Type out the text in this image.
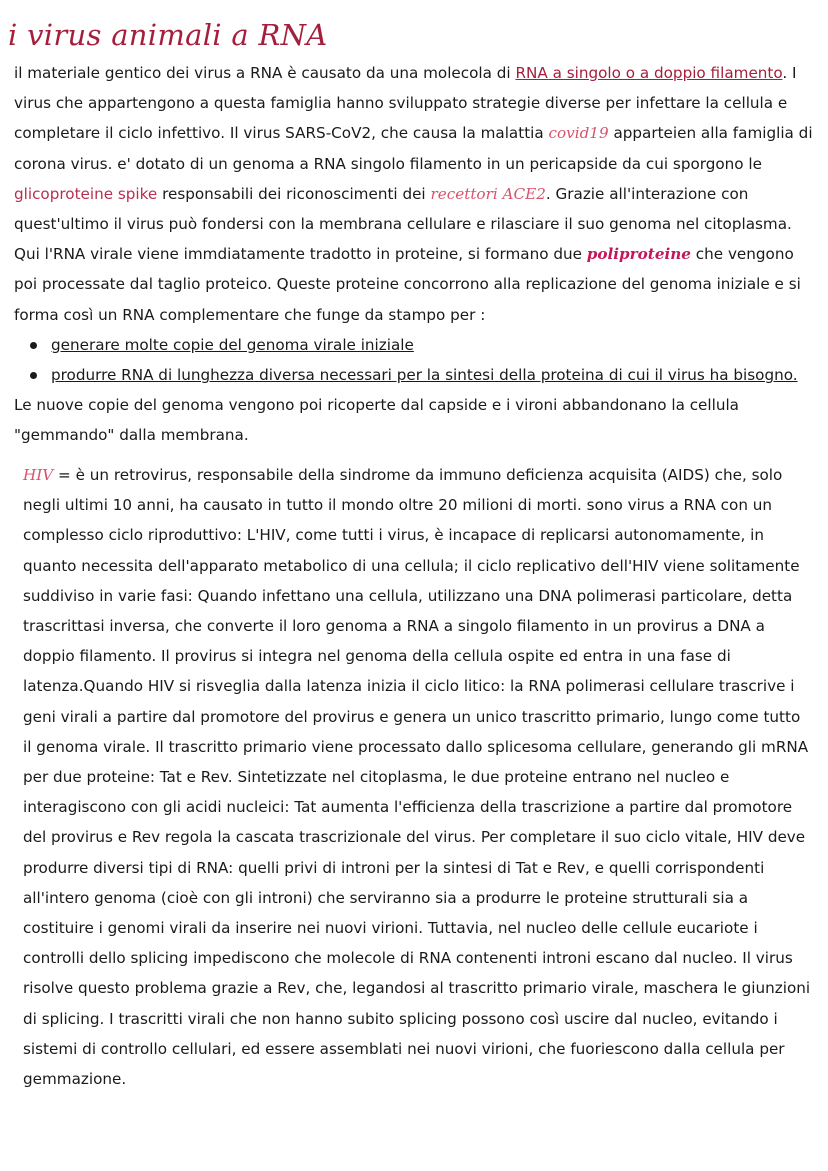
i virus animali a RNA
il materiale gentico dei virus a RNA è causato da una molecola di RNA a singolo o a doppio filamento. I virus che appartengono a questa famiglia hanno sviluppato strategie diverse per infettare la cellula e completare il ciclo infettivo. Il virus SARS-CoV2, che causa la malattia covid19 apparteien alla famiglia di corona virus. e' dotato di un genoma a RNA singolo filamento in un pericapside da cui sporgono le glicoproteine spike responsabili dei riconoscimenti dei recettori ACE2. Grazie all'interazione con quest'ultimo il virus può fondersi con la membrana cellulare e rilasciare il suo genoma nel citoplasma. Qui l'RNA virale viene immdiatamente tradotto in proteine, si formano due poliproteine che vengono poi processate dal taglio proteico. Queste proteine concorrono alla replicazione del genoma iniziale e si forma così un RNA complementare che funge da stampo per :
generare molte copie del genoma virale iniziale
produrre RNA di lunghezza diversa necessari per la sintesi della proteina di cui il virus ha bisogno.
Le nuove copie del genoma vengono poi ricoperte dal capside e i vironi abbandonano la cellula "gemmando" dalla membrana.
HIV = è un retrovirus, responsabile della sindrome da immuno deficienza acquisita (AIDS) che, solo negli ultimi 10 anni, ha causato in tutto il mondo oltre 20 milioni di morti. sono virus a RNA con un complesso ciclo riproduttivo: L'HIV, come tutti i virus, è incapace di replicarsi autonomamente, in quanto necessita dell'apparato metabolico di una cellula; il ciclo replicativo dell'HIV viene solitamente suddiviso in varie fasi: Quando infettano una cellula, utilizzano una DNA polimerasi particolare, detta trascrittasi inversa, che converte il loro genoma a RNA a singolo filamento in un provirus a DNA a doppio filamento. Il provirus si integra nel genoma della cellula ospite ed entra in una fase di latenza.Quando HIV si risveglia dalla latenza inizia il ciclo litico: la RNA polimerasi cellulare trascrive i geni virali a partire dal promotore del provirus e genera un unico trascritto primario, lungo come tutto il genoma virale. Il trascritto primario viene processato dallo splicesoma cellulare, generando gli mRNA per due proteine: Tat e Rev. Sintetizzate nel citoplasma, le due proteine entrano nel nucleo e interagiscono con gli acidi nucleici: Tat aumenta l'efficienza della trascrizione a partire dal promotore del provirus e Rev regola la cascata trascrizionale del virus. Per completare il suo ciclo vitale, HIV deve produrre diversi tipi di RNA: quelli privi di introni per la sintesi di Tat e Rev, e quelli corrispondenti all'intero genoma (cioè con gli introni) che serviranno sia a produrre le proteine strutturali sia a costituire i genomi virali da inserire nei nuovi virioni. Tuttavia, nel nucleo delle cellule eucariote i controlli dello splicing impediscono che molecole di RNA contenenti introni escano dal nucleo. Il virus risolve questo problema grazie a Rev, che, legandosi al trascritto primario virale, maschera le giunzioni di splicing. I trascritti virali che non hanno subito splicing possono così uscire dal nucleo, evitando i sistemi di controllo cellulari, ed essere assemblati nei nuovi virioni, che fuoriescono dalla cellula per gemmazione.
